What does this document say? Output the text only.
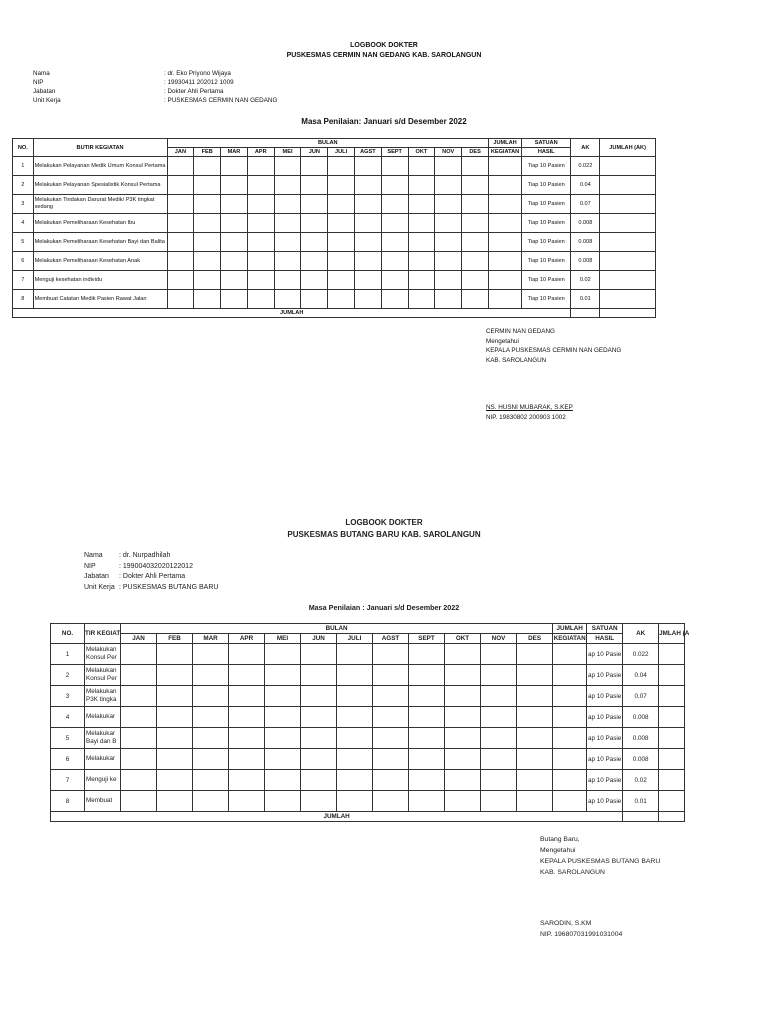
LOGBOOK DOKTER
PUSKESMAS CERMIN NAN GEDANG KAB. SAROLANGUN
Nama	: dr. Eko Priyono Wijaya
NIP	: 19930411 202012 1009
Jabatan	: Dokter Ahli Pertama
Unit Kerja	: PUSKESMAS CERMIN NAN GEDANG
Masa Penilaian: Januari s/d Desember 2022
NO.	BUTIR KEGIATAN	BULAN												JUMLAH	SATUAN	AK	JUMLAH (AK)
		JAN	FEB	MAR	APR	MEI	JUN	JULI	AGST	SEPT	OKT	NOV	DES	KEGIATAN	HASIL		
1	Melakukan Pelayanan Medik Umum Konsul Pertama														Tiap 10 Pasien	0.022	
2	Melakukan Pelayanan Spesialistik Konsul Pertama														Tiap 10 Pasien	0.04	
3	Melakukan Tindakan Darurat Medik/ P3K tingkat sedang														Tiap 10 Pasien	0.07	
4	Melakukan Pemeliharaan Kesehatan Ibu														Tiap 10 Pasien	0.008	
5	Melakukan Pemeliharaan Kesehatan Bayi dan Balita														Tiap 10 Pasien	0.008	
6	Melakukan Pemeliharaan Kesehatan Anak														Tiap 10 Pasien	0.008	
7	Menguji kesehatan individu														Tiap 10 Pasien	0.02	
8	Membuat Catatan Medik Pasien Rawat Jalan														Tiap 10 Pasien	0.01	
JUMLAH																	
CERMIN NAN GEDANG
Mengetahui
KEPALA PUSKESMAS CERMIN NAN GEDANG
KAB. SAROLANGUN
NS. HUSNI MUBARAK, S.KEP
NIP. 19830802 200903 1002
LOGBOOK DOKTER
PUSKESMAS BUTANG BARU KAB. SAROLANGUN
Nama : dr. Nurpadhilah
NIP	: 199004032020122012
Jabatan : Dokter Ahli Pertama
Unit Kerja : PUSKESMAS BUTANG BARU
Masa Penilaian : Januari s/d Desember 2022
NO.	TIR KEGIAT	BULAN												JUMLAH	SATUAN	AK	JMLAH (A
		JAN	FEB	MAR	APR	MEI	JUN	JULI	AGST	SEPT	OKT	NOV	DES	KEGIATAN	HASIL		
1	Melakukan Konsul Per														ap 10 Pasie	0.022	
2	Melakukan Konsul Per														ap 10 Pasie	0.04	
3	Melakukan P3K tingka														ap 10 Pasie	0.07	
4	Melakukar														ap 10 Pasie	0.008	
5	Melakukar Bayi dan B														ap 10 Pasie	0.008	
6	Melakukar														ap 10 Pasie	0.008	
7	Menguji ke														ap 10 Pasie	0.02	
8	Membuat														ap 10 Pasie	0.01	
JUMLAH																	
Butang Baru,
Mengetahui
KEPALA PUSKESMAS BUTANG BARU
KAB. SAROLANGUN
SARODIN, S.KM
NIP. 196807031991031004
